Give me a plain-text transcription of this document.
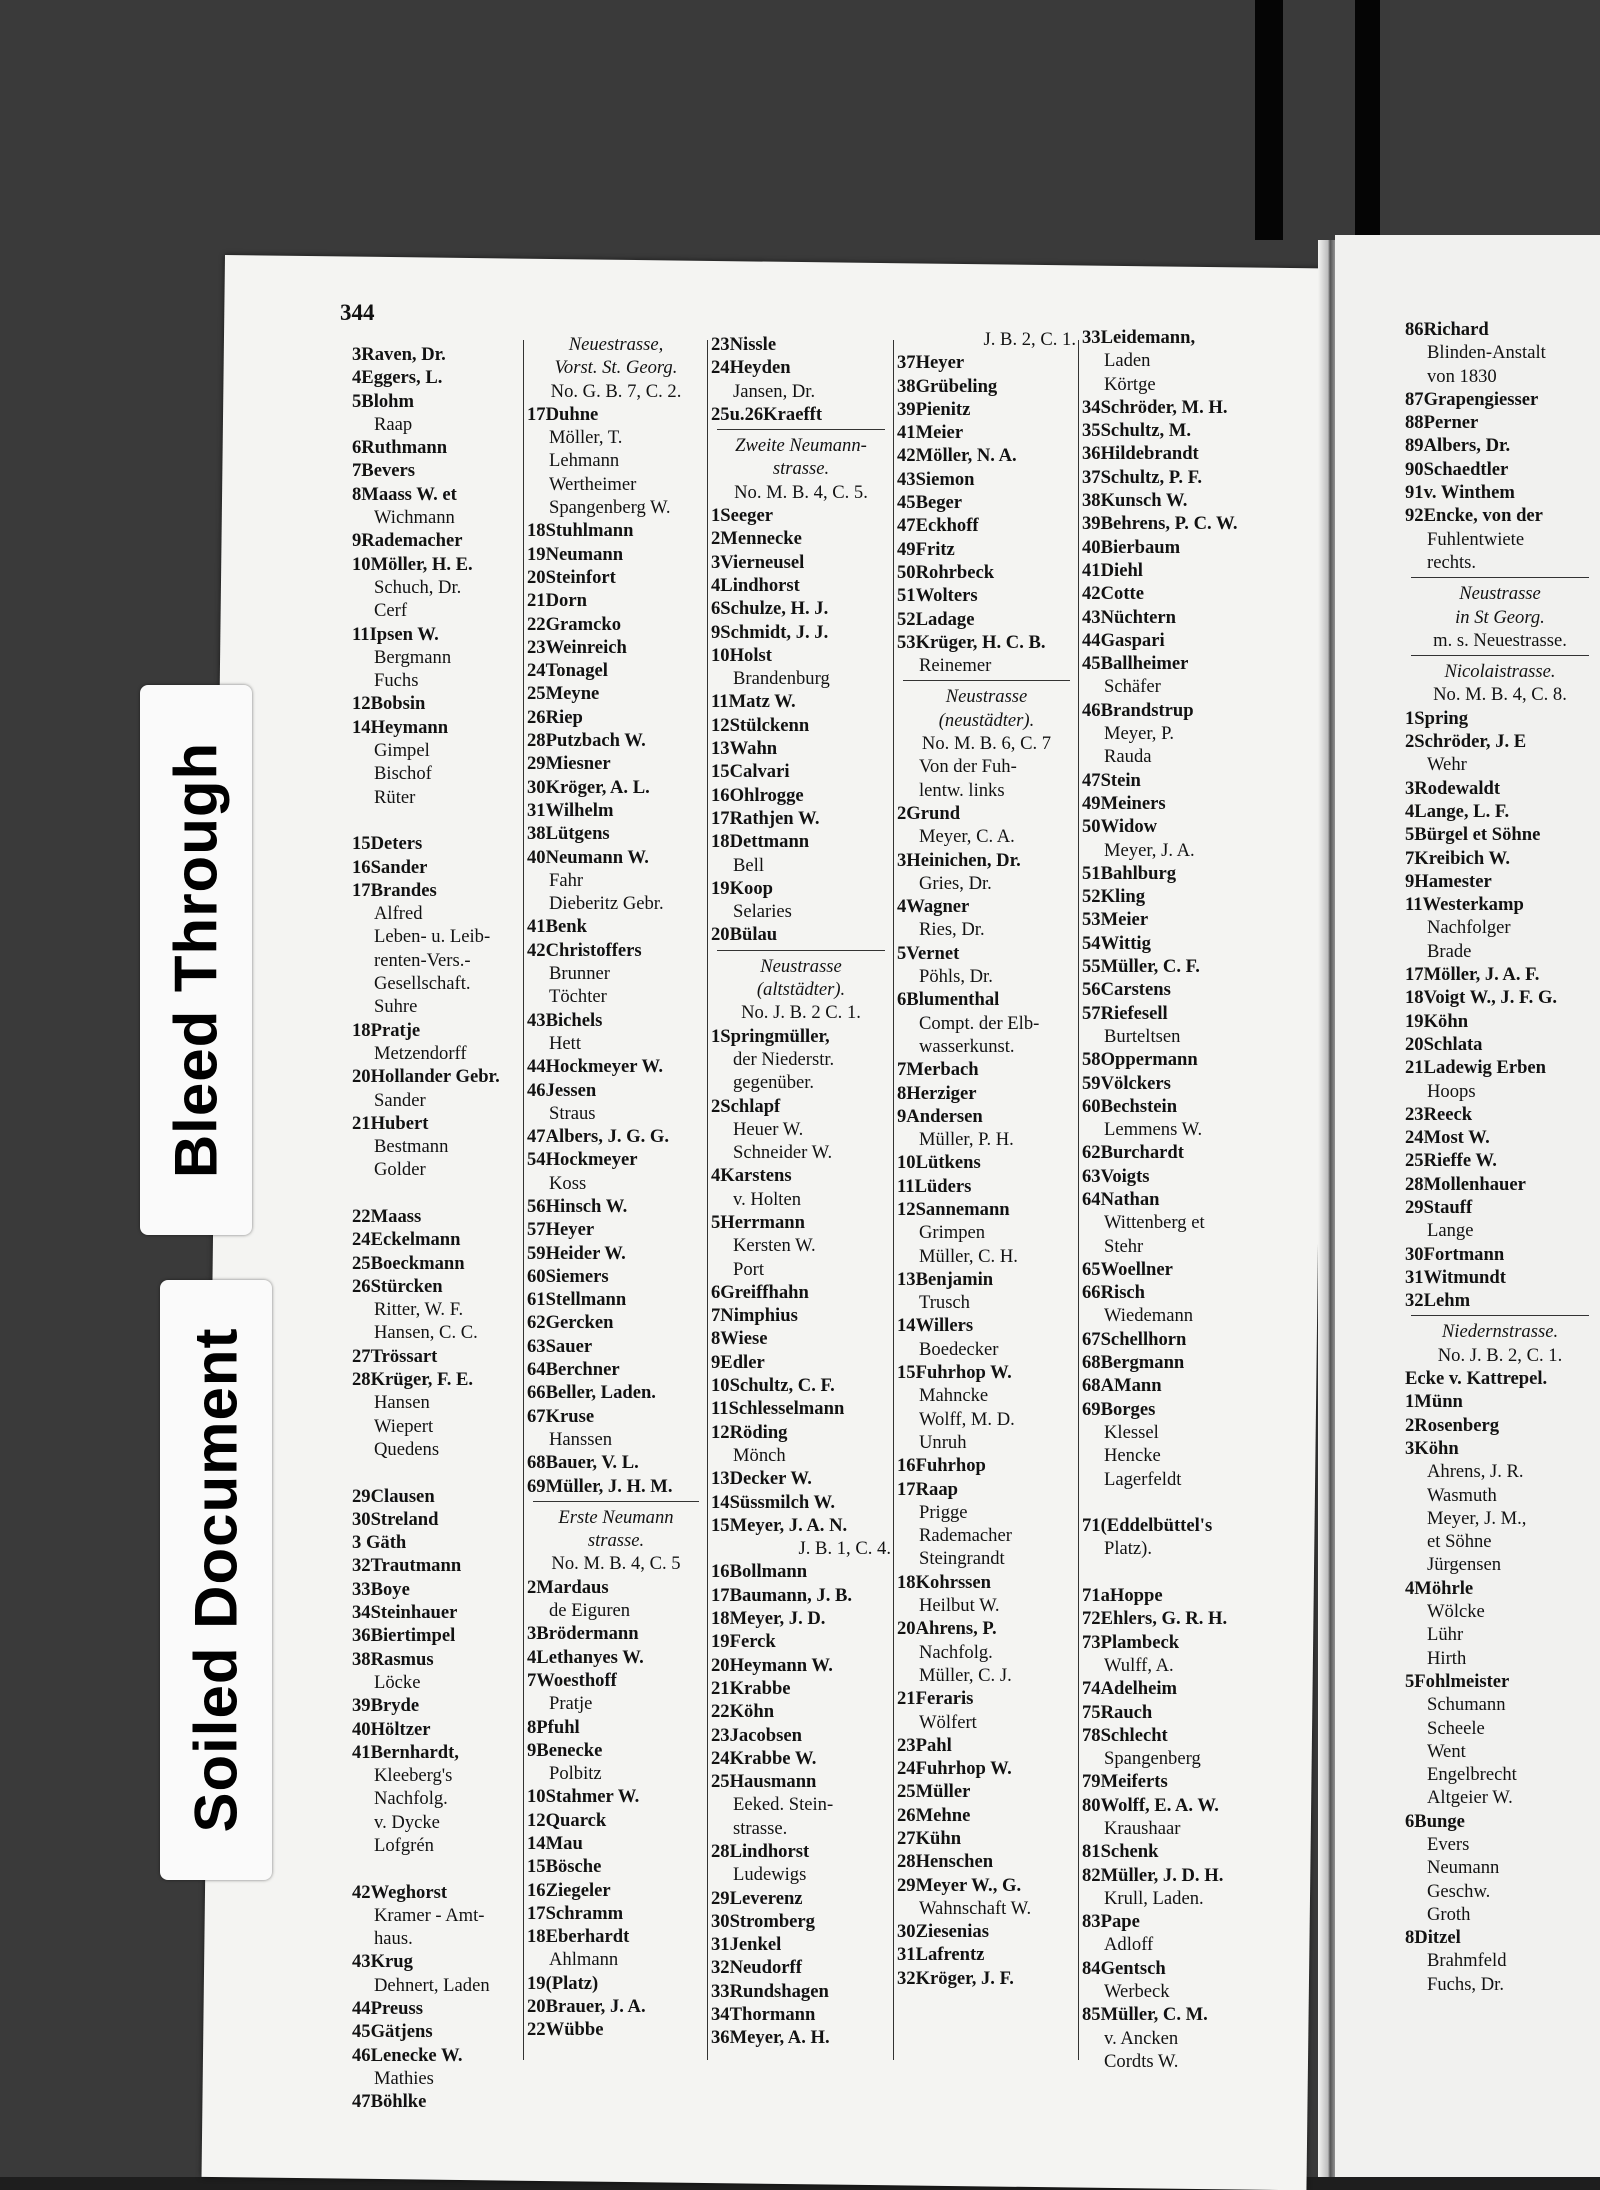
344
3Raven, Dr.
4Eggers, L.
5Blohm
Raap
6Ruthmann
7Bevers
8Maass W. et
Wichmann
9Rademacher
10Möller, H. E.
Schuch, Dr.
Cerf
11Ipsen W.
Bergmann
Fuchs
12Bobsin
14Heymann
Gimpel
Bischof
Rüter
15Deters
16Sander
17Brandes
Alfred
Leben- u. Leib-
renten-Vers.-
Gesellschaft.
Suhre
18Pratje
Metzendorff
20Hollander Gebr.
Sander
21Hubert
Bestmann
Golder
22Maass
24Eckelmann
25Boeckmann
26Stürcken
Ritter, W. F.
Hansen, C. C.
27Trössart
28Krüger, F. E.
Hansen
Wiepert
Quedens
29Clausen
30Streland
3 Gäth
32Trautmann
33Boye
34Steinhauer
36Biertimpel
38Rasmus
Löcke
39Bryde
40Höltzer
41Bernhardt,
Kleeberg's
Nachfolg.
v. Dycke
Lofgrén
42Weghorst
Kramer - Amt-
haus.
43Krug
Dehnert, Laden
44Preuss
45Gätjens
46Lenecke W.
Mathies
47Böhlke
Neuestrasse,
Vorst. St. Georg.
No. G. B. 7, C. 2.
17Duhne
Möller, T.
Lehmann
Wertheimer
Spangenberg W.
18Stuhlmann
19Neumann
20Steinfort
21Dorn
22Gramcko
23Weinreich
24Tonagel
25Meyne
26Riep
28Putzbach W.
29Miesner
30Kröger, A. L.
31Wilhelm
38Lütgens
40Neumann W.
Fahr
Dieberitz Gebr.
41Benk
42Christoffers
Brunner
Töchter
43Bichels
Hett
44Hockmeyer W.
46Jessen
Straus
47Albers, J. G. G.
54Hockmeyer
Koss
56Hinsch W.
57Heyer
59Heider W.
60Siemers
61Stellmann
62Gercken
63Sauer
64Berchner
66Beller, Laden.
67Kruse
Hanssen
68Bauer, V. L.
69Müller, J. H. M.
Erste Neumann
strasse.
No. M. B. 4, C. 5
2Mardaus
de Eiguren
3Brödermann
4Lethanyes W.
7Woesthoff
Pratje
8Pfuhl
9Benecke
Polbitz
10Stahmer W.
12Quarck
14Mau
15Bösche
16Ziegeler
17Schramm
18Eberhardt
Ahlmann
19(Platz)
20Brauer, J. A.
22Wübbe
23Nissle
24Heyden
Jansen, Dr.
25u.26Kraefft
Zweite Neumann-
strasse.
No. M. B. 4, C. 5.
1Seeger
2Mennecke
3Vierneusel
4Lindhorst
6Schulze, H. J.
9Schmidt, J. J.
10Holst
Brandenburg
11Matz W.
12Stülckenn
13Wahn
15Calvari
16Ohlrogge
17Rathjen W.
18Dettmann
Bell
19Koop
Selaries
20Bülau
Neustrasse
(altstädter).
No. J. B. 2 C. 1.
1Springmüller,
der Niederstr.
gegenüber.
2Schlapf
Heuer W.
Schneider W.
4Karstens
v. Holten
5Herrmann
Kersten W.
Port
6Greiffhahn
7Nimphius
8Wiese
9Edler
10Schultz, C. F.
11Schlesselmann
12Röding
Mönch
13Decker W.
14Süssmilch W.
15Meyer, J. A. N.
J. B. 1, C. 4.
16Bollmann
17Baumann, J. B.
18Meyer, J. D.
19Ferck
20Heymann W.
21Krabbe
22Köhn
23Jacobsen
24Krabbe W.
25Hausmann
Eeked. Stein-
strasse.
28Lindhorst
Ludewigs
29Leverenz
30Stromberg
31Jenkel
32Neudorff
33Rundshagen
34Thormann
36Meyer, A. H.
J. B. 2, C. 1.
37Heyer
38Grübeling
39Pienitz
41Meier
42Möller, N. A.
43Siemon
45Beger
47Eckhoff
49Fritz
50Rohrbeck
51Wolters
52Ladage
53Krüger, H. C. B.
Reinemer
Neustrasse
(neustädter).
No. M. B. 6, C. 7
Von der Fuh-
lentw. links
2Grund
Meyer, C. A.
3Heinichen, Dr.
Gries, Dr.
4Wagner
Ries, Dr.
5Vernet
Pöhls, Dr.
6Blumenthal
Compt. der Elb-
wasserkunst.
7Merbach
8Herziger
9Andersen
Müller, P. H.
10Lütkens
11Lüders
12Sannemann
Grimpen
Müller, C. H.
13Benjamin
Trusch
14Willers
Boedecker
15Fuhrhop W.
Mahncke
Wolff, M. D.
Unruh
16Fuhrhop
17Raap
Prigge
Rademacher
Steingrandt
18Kohrssen
Heilbut W.
20Ahrens, P.
Nachfolg.
Müller, C. J.
21Feraris
Wölfert
23Pahl
24Fuhrhop W.
25Müller
26Mehne
27Kühn
28Henschen
29Meyer W., G.
Wahnschaft W.
30Ziesenias
31Lafrentz
32Kröger, J. F.
33Leidemann,
Laden
Körtge
34Schröder, M. H.
35Schultz, M.
36Hildebrandt
37Schultz, P. F.
38Kunsch W.
39Behrens, P. C. W.
40Bierbaum
41Diehl
42Cotte
43Nüchtern
44Gaspari
45Ballheimer
Schäfer
46Brandstrup
Meyer, P.
Rauda
47Stein
49Meiners
50Widow
Meyer, J. A.
51Bahlburg
52Kling
53Meier
54Wittig
55Müller, C. F.
56Carstens
57Riefesell
Burteltsen
58Oppermann
59Völckers
60Bechstein
Lemmens W.
62Burchardt
63Voigts
64Nathan
Wittenberg et
Stehr
65Woellner
66Risch
Wiedemann
67Schellhorn
68Bergmann
68AMann
69Borges
Klessel
Hencke
Lagerfeldt
71(Eddelbüttel's
Platz).
71aHoppe
72Ehlers, G. R. H.
73Plambeck
Wulff, A.
74Adelheim
75Rauch
78Schlecht
Spangenberg
79Meiferts
80Wolff, E. A. W.
Kraushaar
81Schenk
82Müller, J. D. H.
Krull, Laden.
83Pape
Adloff
84Gentsch
Werbeck
85Müller, C. M.
v. Ancken
Cordts W.
86Richard
Blinden-Anstalt
von 1830
87Grapengiesser
88Perner
89Albers, Dr.
90Schaedtler
91v. Winthem
92Encke, von der
Fuhlentwiete
rechts.
Neustrasse
in St Georg.
m. s. Neuestrasse.
Nicolaistrasse.
No. M. B. 4, C. 8.
1Spring
2Schröder, J. E
Wehr
3Rodewaldt
4Lange, L. F.
5Bürgel et Söhne
7Kreibich W.
9Hamester
11Westerkamp
Nachfolger
Brade
17Möller, J. A. F.
18Voigt W., J. F. G.
19Köhn
20Schlata
21Ladewig Erben
Hoops
23Reeck
24Most W.
25Rieffe W.
28Mollenhauer
29Stauff
Lange
30Fortmann
31Witmundt
32Lehm
Niedernstrasse.
No. J. B. 2, C. 1.
Ecke v. Kattrepel.
1Münn
2Rosenberg
3Köhn
Ahrens, J. R.
Wasmuth
Meyer, J. M.,
et Söhne
Jürgensen
4Möhrle
Wölcke
Lühr
Hirth
5Fohlmeister
Schumann
Scheele
Went
Engelbrecht
Altgeier W.
6Bunge
Evers
Neumann
Geschw.
Groth
8Ditzel
Brahmfeld
Fuchs, Dr.
Bleed Through
Soiled Document
